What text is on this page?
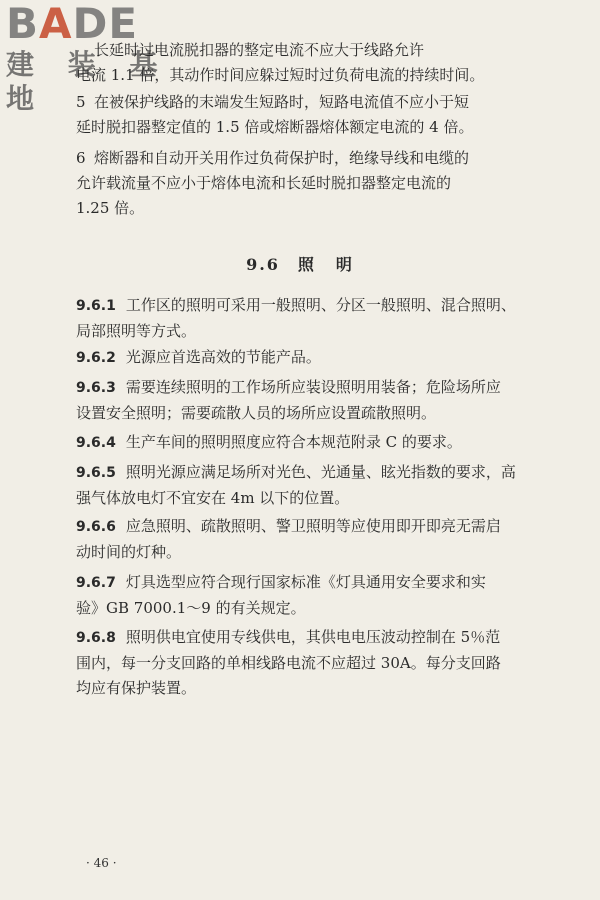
BADE
建 装 基 地
长延时过电流脱扣器的整定电流不应大于线路允许
电流 1.1 倍，其动作时间应躲过短时过负荷电流的持续时间。
5 在被保护线路的末端发生短路时，短路电流值不应小于短
延时脱扣器整定值的 1.5 倍或熔断器熔体额定电流的 4 倍。
6 熔断器和自动开关用作过负荷保护时，绝缘导线和电缆的
允许载流量不应小于熔体电流和长延时脱扣器整定电流的
1.25 倍。
9.6 照 明
9.6.1 工作区的照明可采用一般照明、分区一般照明、混合照明、
局部照明等方式。
9.6.2 光源应首选高效的节能产品。
9.6.3 需要连续照明的工作场所应装设照明用装备；危险场所应
设置安全照明；需要疏散人员的场所应设置疏散照明。
9.6.4 生产车间的照明照度应符合本规范附录 C 的要求。
9.6.5 照明光源应满足场所对光色、光通量、眩光指数的要求，高
强气体放电灯不宜安在 4m 以下的位置。
9.6.6 应急照明、疏散照明、警卫照明等应使用即开即亮无需启
动时间的灯种。
9.6.7 灯具选型应符合现行国家标准《灯具通用安全要求和实
验》GB 7000.1～9 的有关规定。
9.6.8 照明供电宜使用专线供电，其供电电压波动控制在 5％范
围内，每一分支回路的单相线路电流不应超过 30A。每分支回路
均应有保护装置。
· 46 ·
